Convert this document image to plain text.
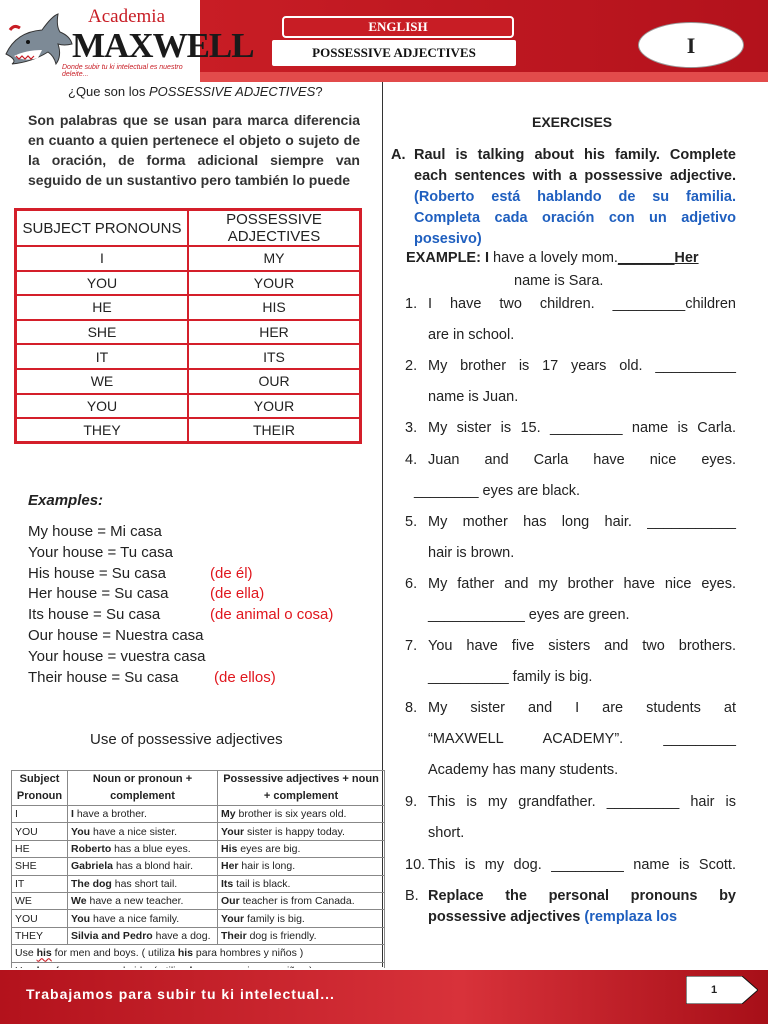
Academia
MAXWELL
Donde subir tu ki intelectual es nuestro deleite...
ENGLISH
POSSESSIVE ADJECTIVES	I
¿Que son los POSSESSIVE ADJECTIVES?
Son palabras que se usan para marca diferencia en cuanto a quien pertenece el objeto o sujeto de la oración, de forma adicional siempre van seguido de un sustantivo pero también lo puede
SUBJECT PRONOUNS	POSSESSIVE ADJECTIVES
I	MY
YOU	YOUR
HE	HIS
SHE	HER
IT	ITS
WE	OUR
YOU	YOUR
THEY	THEIR
Examples:
My house = Mi casa
Your house = Tu casa
His house = Su casa	(de él)
Her house = Su casa	(de ella)
Its house = Su casa	(de animal o cosa)
Our house = Nuestra casa
Your house = vuestra casa
Their house = Su casa (de ellos)
Use of possessive adjectives
Subject Pronoun	Noun or pronoun + complement	Possessive adjectives + noun + complement
I	I have a brother.	My brother is six years old.
YOU	You have a nice sister.	Your sister is happy today.
HE	Roberto has a blue eyes.	His eyes are big.
SHE	Gabriela has a blond hair.	Her hair is long.
IT	The dog has short tail.	Its tail is black.
WE	We have a new teacher.	Our teacher is from Canada.
YOU	You have a nice family.	Your family is big.
THEY	Silvia and Pedro have a dog.	Their dog is friendly.
Use his for men and boys. ( utiliza his para hombres y niños )		

EXERCISES
A. Raul is talking about his family. Complete each sentences with a possessive adjective. (Roberto está hablando de su familia. Completa cada oración con un adjetivo posesivo)
EXAMPLE: I have a lovely mom._______Her
name is Sara.
1. I have two children. _________children
are in school.
2. My brother is 17 years old. __________
name is Juan.
3. My sister is 15. _________ name is Carla.
4. Juan and Carla have nice eyes.
________ eyes are black.
5. My mother has long hair. ___________
hair is brown.
6. My father and my brother have nice eyes.
____________ eyes are green.
7. You have five sisters and two brothers.
__________ family is big.
8. My sister and I are students at
“MAXWELL ACADEMY”. _________
Academy has many students.
9. This is my grandfather. _________ hair is
short.
10. This is my dog. _________ name is Scott.
B. Replace the personal pronouns by possessive adjectives (remplaza los
Trabajamos para subir tu ki intelectual...	1
